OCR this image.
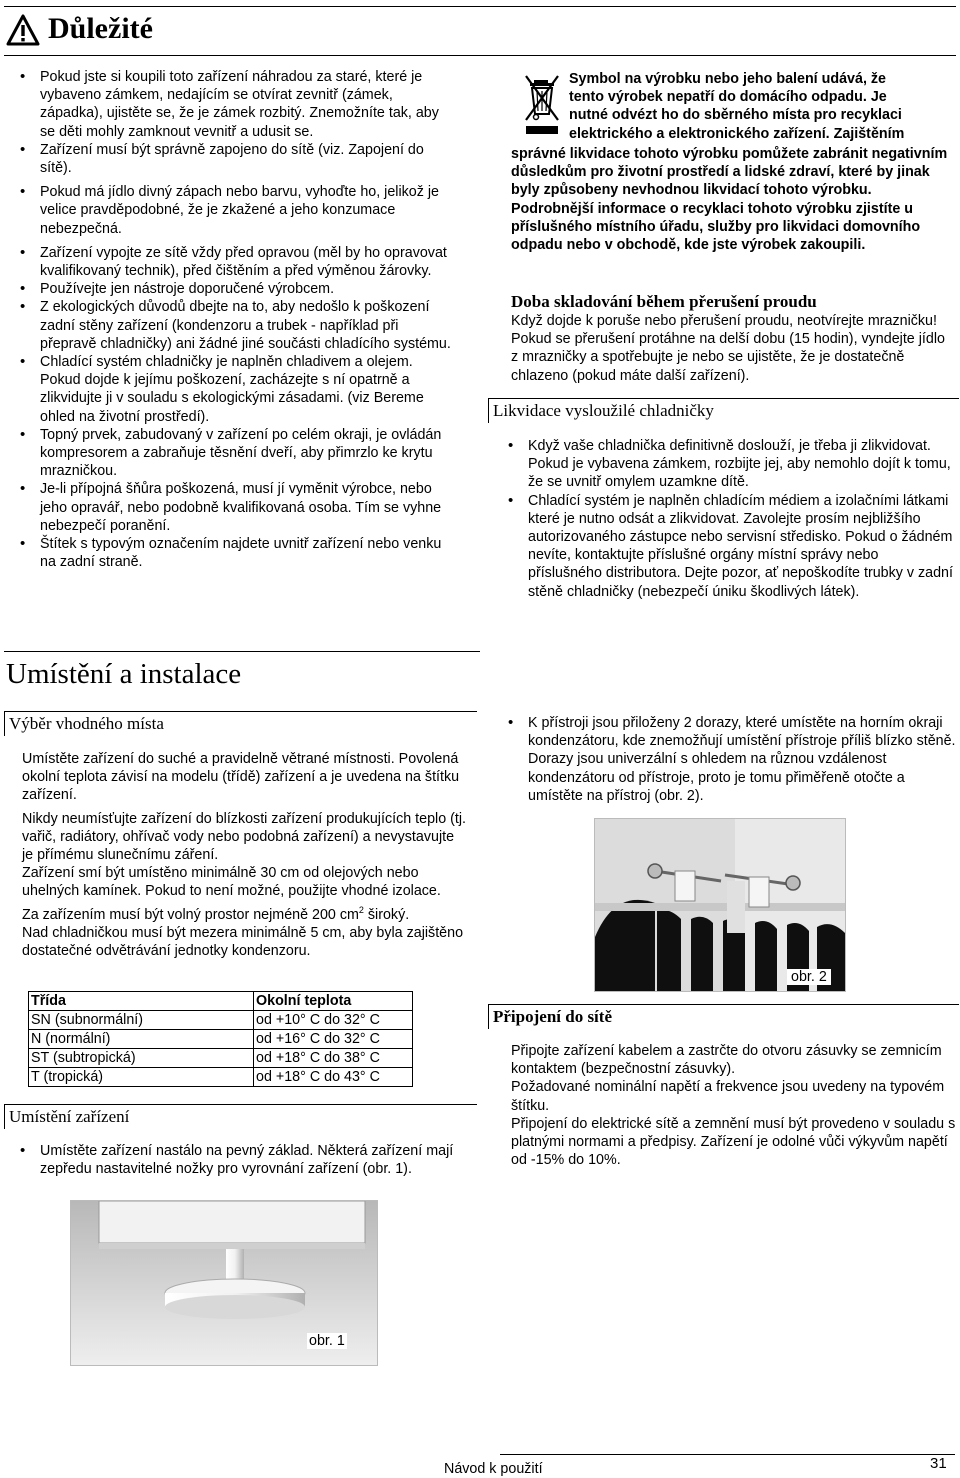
Důležité
• Pokud jste si koupili toto zařízení náhradou za staré, které je vybaveno zámkem, nedajícím se otvírat zevnitř (zámek, západka), ujistěte se, že je zámek rozbitý. Znemožníte tak, aby se děti mohly zamknout vevnitř a udusit se.
• Zařízení musí být správně zapojeno do sítě (viz. Zapojení do sítě).
• Pokud má jídlo divný zápach nebo barvu, vyhoďte ho, jelikož je velice pravděpodobné, že je zkažené a jeho konzumace nebezpečná.
• Zařízení vypojte ze sítě vždy před opravou (měl by ho opravovat kvalifikovaný technik), před čištěním a před výměnou žárovky.
• Používejte jen nástroje doporučené výrobcem.
• Z ekologických důvodů dbejte na to, aby nedošlo k poškození zadní stěny zařízení (kondenzoru a trubek - například při přepravě chladničky) ani žádné jiné součásti chladícího systému.
• Chladící systém chladničky je naplněn chladivem a olejem. Pokud dojde k jejímu poškození, zacházejte s ní opatrně a zlikvidujte ji v souladu s ekologickými zásadami. (viz Bereme ohled na životní prostředí).
• Topný prvek, zabudovaný v zařízení po celém okraji, je ovládán kompresorem a zabraňuje těsnění dveří, aby přimrzlo ke krytu mrazničkou.
• Je-li přípojná šňůra poškozená, musí jí vyměnit výrobce, nebo jeho opravář, nebo podobně kvalifikovaná osoba. Tím se vyhne nebezpečí poranění.
• Štítek s typovým označením najdete uvnitř zařízení nebo venku na zadní straně.
Symbol na výrobku nebo jeho balení udává, že
tento výrobek nepatří do domácího odpadu. Je
nutné odvézt ho do sběrného místa pro recyklaci
elektrického a elektronického zařízení. Zajištěním
správné likvidace tohoto výrobku pomůžete zabránit negativním důsledkům pro životní prostředí a lidské zdraví, které by jinak byly způsobeny nevhodnou likvidací tohoto výrobku. Podrobnější informace o recyklaci tohoto výrobku zjistíte u příslušného místního úřadu, služby pro likvidaci domovního odpadu nebo v obchodě, kde jste výrobek zakoupili.
Doba skladování během přerušení proudu
Když dojde k poruše nebo přerušení proudu, neotvírejte mrazničku! Pokud se přerušení protáhne na delší dobu (15 hodin), vyndejte jídlo z mrazničky a spotřebujte je nebo se ujistěte, že je dostatečně chlazeno (pokud máte další zařízení).
Likvidace vysloužilé chladničky
• Když vaše chladnička definitivně doslouží, je třeba ji zlikvidovat. Pokud je vybavena zámkem, rozbijte jej, aby nemohlo dojít k tomu, že se uvnitř omylem uzamkne dítě.
• Chladící systém je naplněn chladícím médiem a izolačními látkami které je nutno odsát a zlikvidovat. Zavolejte prosím nejbližšího autorizovaného zástupce nebo servisní středisko. Pokud o žádném nevíte, kontaktujte příslušné orgány místní správy nebo příslušného distributora. Dejte pozor, ať nepoškodíte trubky v zadní stěně chladničky (nebezpečí úniku škodlivých látek).
Umístění a instalace
Výběr vhodného místa
Umístěte zařízení do suché a pravidelně větrané místnosti. Povolená okolní teplota závisí na modelu (třídě) zařízení a je uvedena na štítku zařízení.
Nikdy neumísťujte zařízení do blízkosti zařízení produkujících teplo (tj. vařič, radiátory, ohřívač vody nebo podobná zařízení) a nevystavujte je přímému slunečnímu záření.
Zařízení smí být umístěno minimálně 30 cm od olejových nebo uhelných kamínek. Pokud to není možné, použijte vhodné izolace.
Za zařízením musí být volný prostor nejméně 200 $cm^2$ široký.
Nad chladničkou musí být mezera minimálně 5 cm, aby byla zajištěno dostatečné odvětrávání jednotky kondenzoru.
Třída	Okolní teplota
SN (subnormální)	od +10° C do 32° C
N (normální)	od +16° C do 32° C
ST (subtropická)	od +18° C do 38° C
T (tropická)	od +18° C do 43° C
Umístění zařízení
• Umístěte zařízení nastálo na pevný základ. Některá zařízení mají zepředu nastavitelné nožky pro vyrovnání zařízení (obr. 1).
obr. 1
• K přístroji jsou přiloženy 2 dorazy, které umístěte na horním okraji kondenzátoru, kde znemožňují umístění přístroje příliš blízko stěně. Dorazy jsou univerzální s ohledem na různou vzdálenost kondenzátoru od přístroje, proto je tomu přiměřeně otočte a umístěte na přístroj (obr. 2).
obr. 2
Připojení do sítě
Připojte zařízení kabelem a zastrčte do otvoru zásuvky se zemnicím kontaktem (bezpečnostní zásuvky).
Požadované nominální napětí a frekvence jsou uvedeny na typovém štítku.
Připojení do elektrické sítě a zemnění musí být provedeno v souladu s platnými normami a předpisy. Zařízení je odolné vůči výkyvům napětí od -15% do 10%.
Návod k použití	31
